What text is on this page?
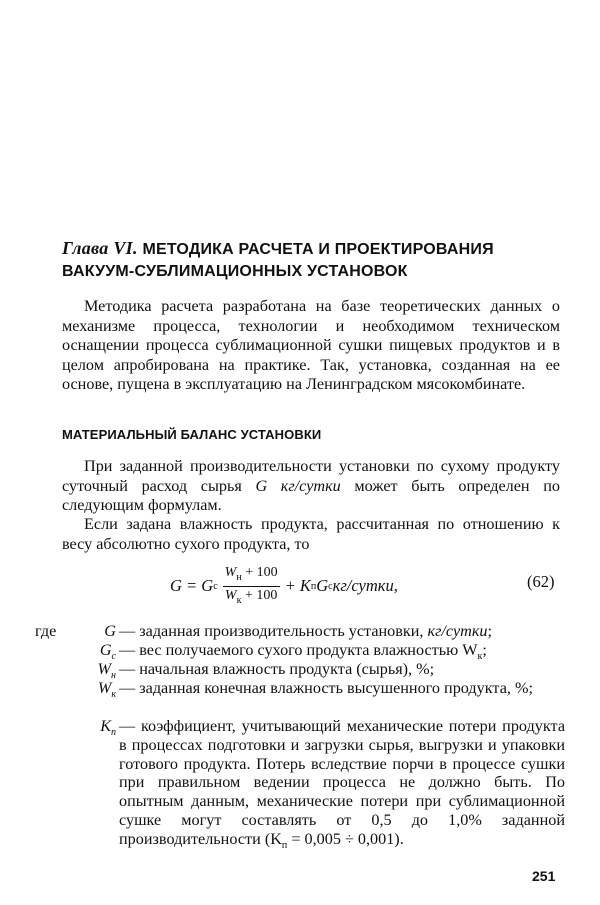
Глава VI. МЕТОДИКА РАСЧЕТА И ПРОЕКТИРОВАНИЯ
ВАКУУМ-СУБЛИМАЦИОННЫХ УСТАНОВОК
Методика расчета разработана на базе теоретических данных о механизме процесса, технологии и необходимом техническом оснащении процесса сублимационной сушки пищевых продуктов и в целом апробирована на практике. Так, установка, созданная на ее основе, пущена в эксплуатацию на Ленинградском мясокомбинате.
МАТЕРИАЛЬНЫЙ БАЛАНС УСТАНОВКИ
При заданной производительности установки по сухому продукту суточный расход сырья G кг/сутки может быть определен по следующим формулам.
Если задана влажность продукта, рассчитанная по отношению к весу абсолютно сухого продукта, то
G = G с $\frac{W_н + 100}{W_к + 100} + K$ п G с кг/сутки,	(62)
где	G — заданная производительность установки, кг/сутки;
$G_с$ — вес получаемого сухого продукта влажностью $W_к$;
$W_н$ — начальная влажность продукта (сырья), %;
$W_к$ — заданная конечная влажность высушенного продукта, %;
$K_п$ — коэффициент, учитывающий механические потери продукта в процессах подготовки и загрузки сырья, выгрузки и упаковки готового продукта. Потерь вследствие порчи в процессе сушки при правильном ведении процесса не должно быть. По опытным данным, механические потери при сублимационной сушке могут составлять от 0,5 до 1,0% заданной производительности $(K_п = 0,005 \div 0,001)$.
251
